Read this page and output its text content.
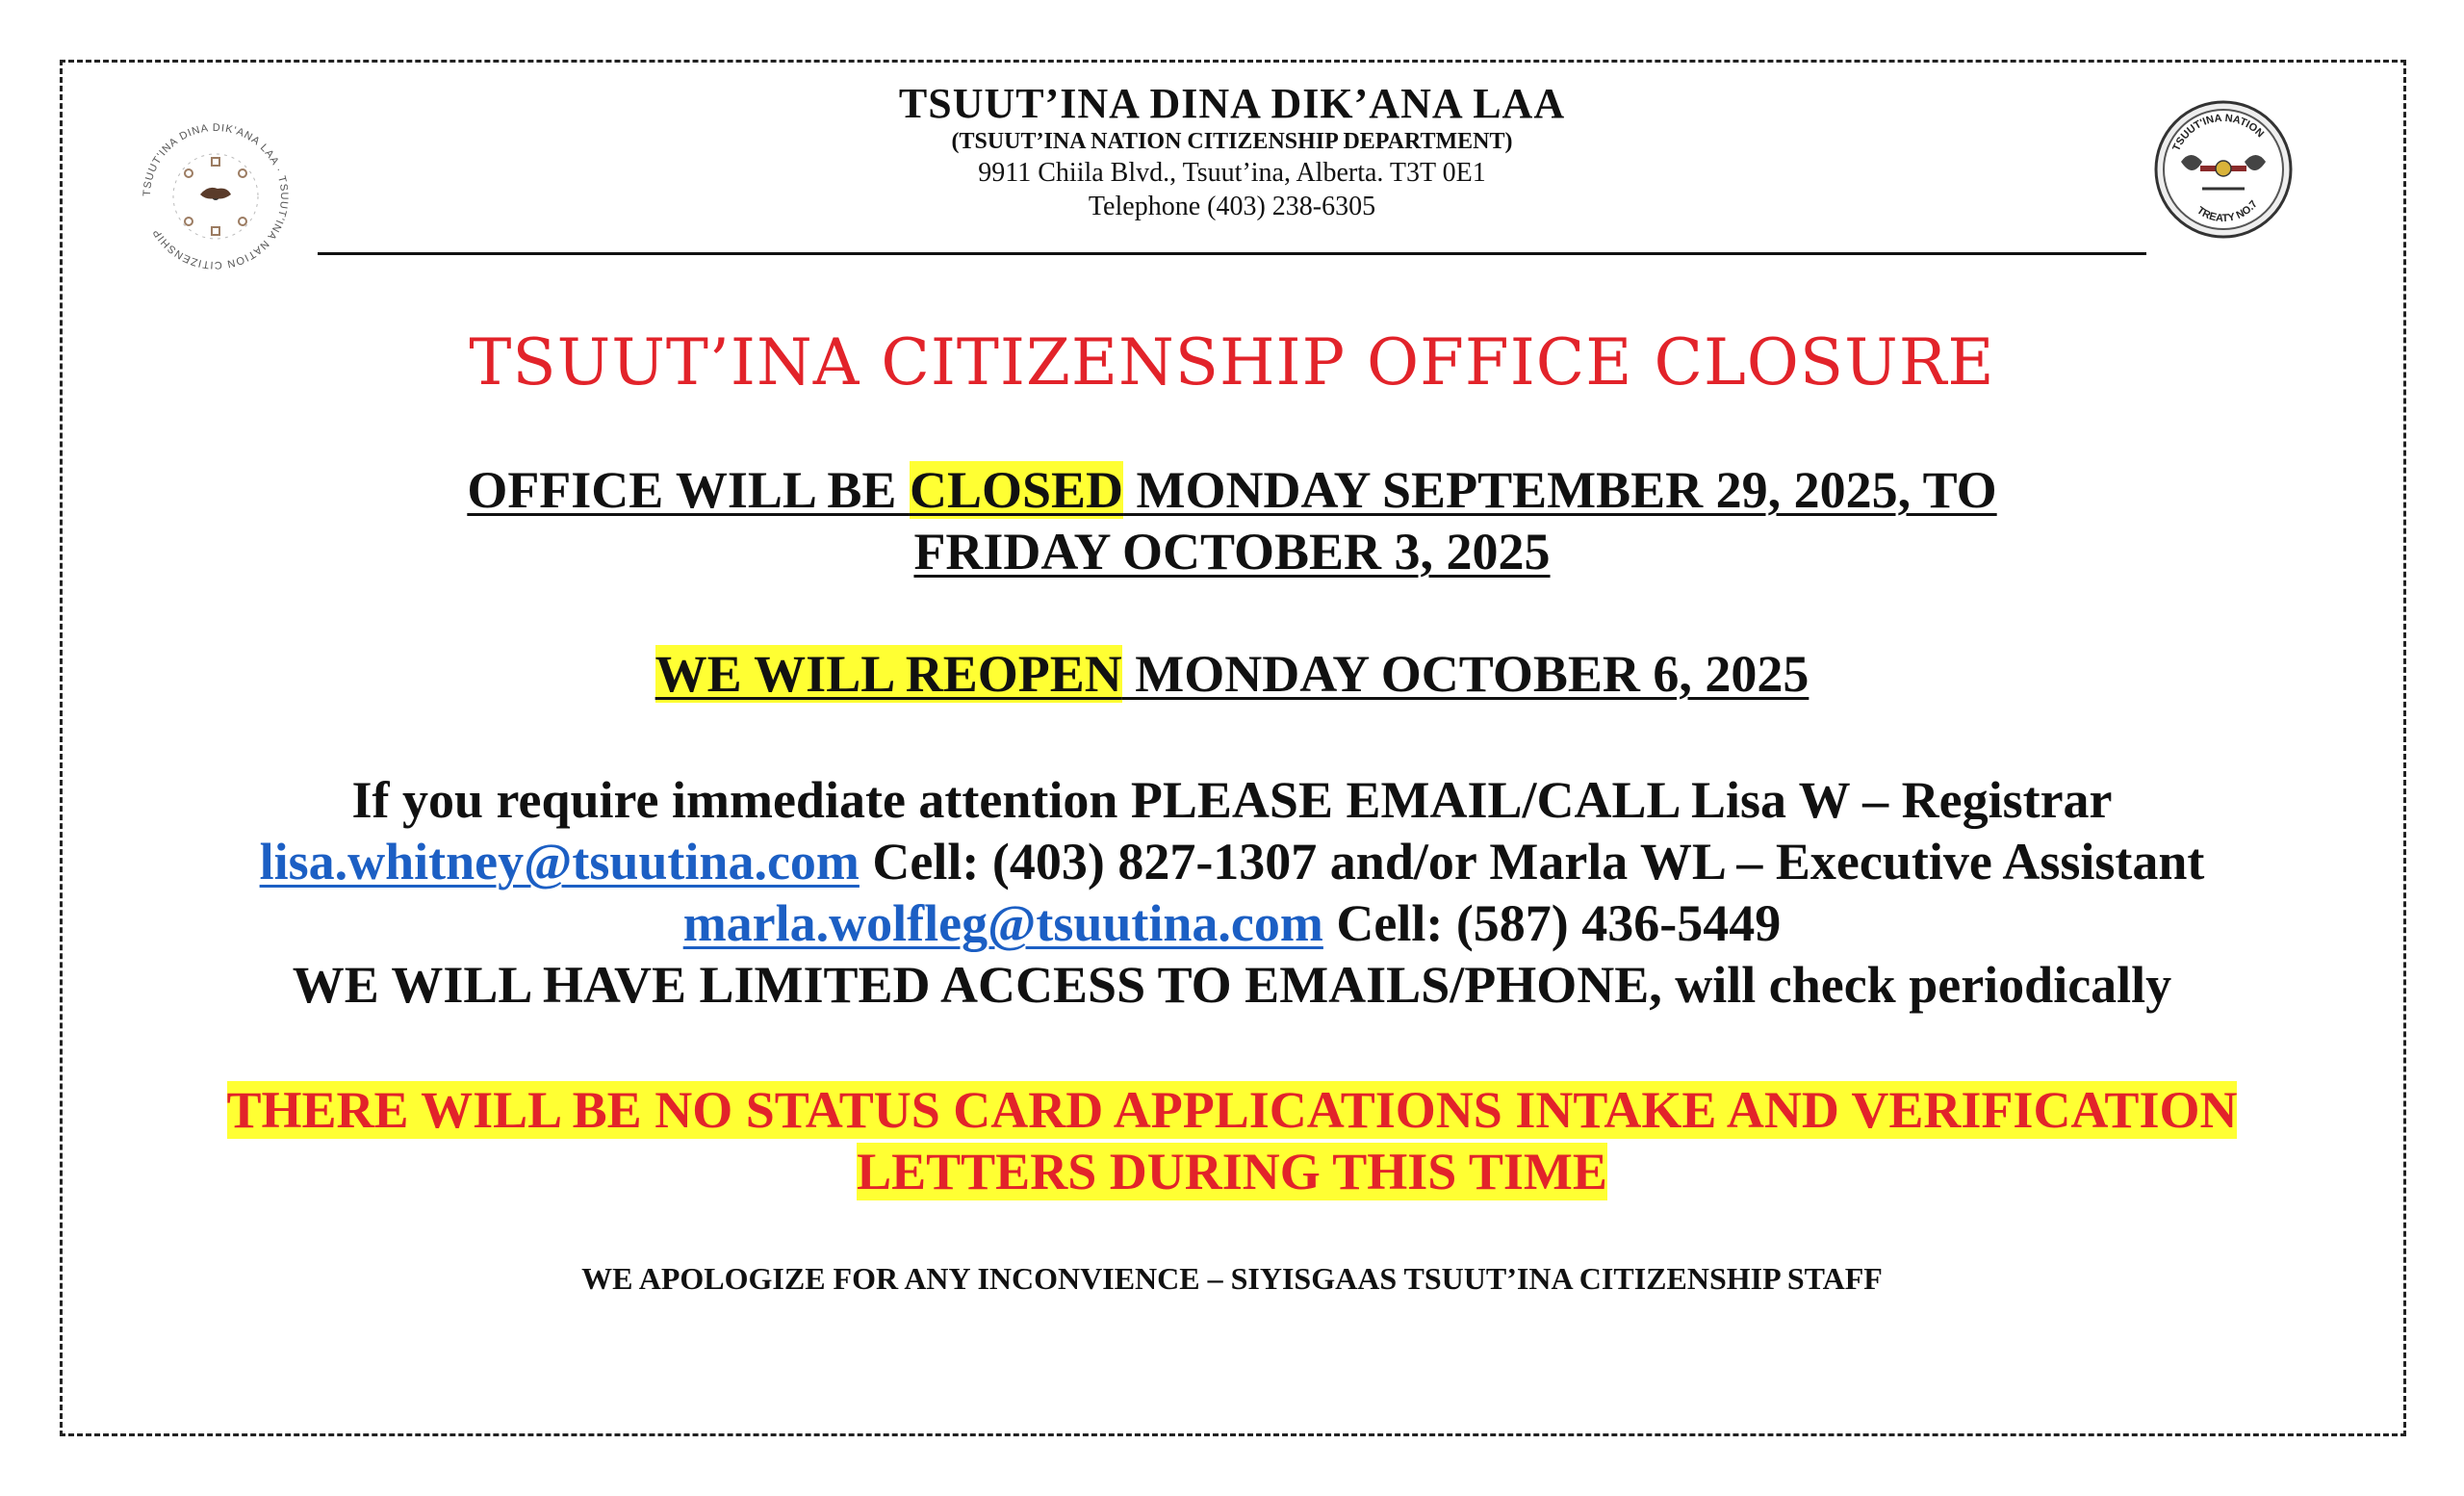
TSUUT'INA DINA DIK'ANA LAA · TSUUT'INA NATION CITIZENSHIP
TSUUT'INA NATION
TREATY NO.7
TSUUT’INA DINA DIK’ANA LAA
(TSUUT’INA NATION CITIZENSHIP DEPARTMENT)
9911 Chiila Blvd., Tsuut’ina, Alberta. T3T 0E1
Telephone (403) 238-6305
TSUUT’INA CITIZENSHIP OFFICE CLOSURE
OFFICE WILL BE CLOSED MONDAY SEPTEMBER 29, 2025, TO
FRIDAY OCTOBER 3, 2025
WE WILL REOPEN MONDAY OCTOBER 6, 2025
If you require immediate attention PLEASE EMAIL/CALL Lisa W – Registrar
lisa.whitney@tsuutina.com Cell: (403) 827-1307 and/or Marla WL – Executive Assistant
marla.wolfleg@tsuutina.com Cell: (587) 436-5449
WE WILL HAVE LIMITED ACCESS TO EMAILS/PHONE, will check periodically
THERE WILL BE NO STATUS CARD APPLICATIONS INTAKE AND VERIFICATION
LETTERS DURING THIS TIME
WE APOLOGIZE FOR ANY INCONVIENCE – SIYISGAAS TSUUT’INA CITIZENSHIP STAFF
